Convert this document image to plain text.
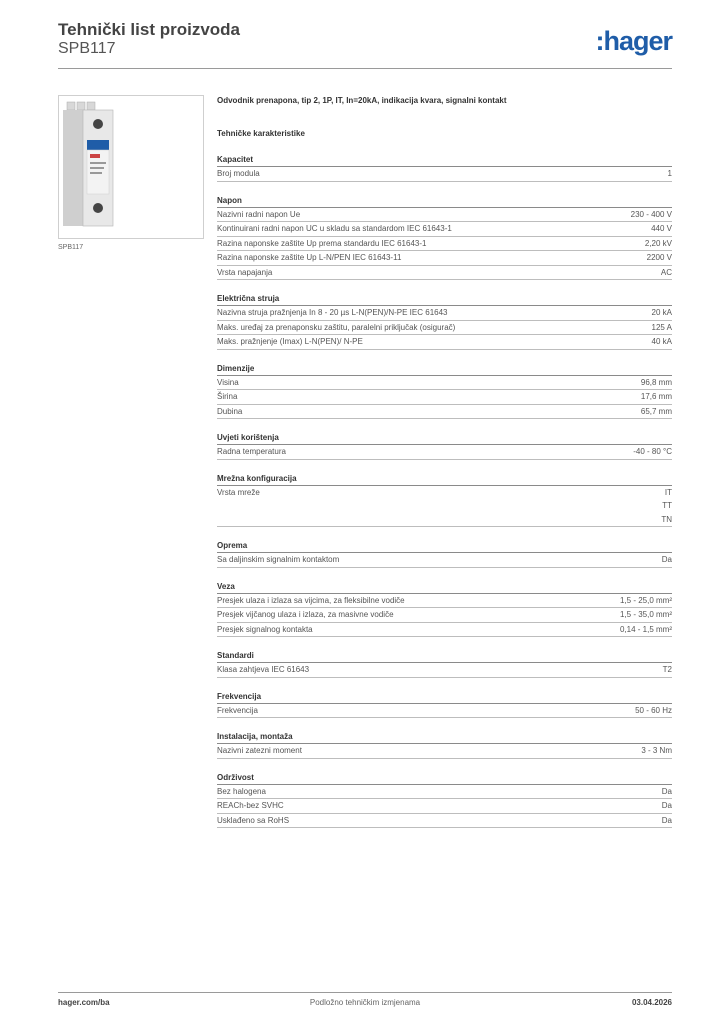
Tehnički list proizvoda
SPB117	:hager
SPB117
Odvodnik prenapona, tip 2, 1P, IT, In=20kA, indikacija kvara, signalni kontakt
Tehničke karakteristike
Kapacitet
Broj modula	1
Napon
Nazivni radni napon Ue	230 - 400 V
Kontinuirani radni napon UC u skladu sa standardom IEC 61643-1	440 V
Razina naponske zaštite Up prema standardu IEC 61643-1	2,20 kV
Razina naponske zaštite Up L-N/PEN IEC 61643-11	2200 V
Vrsta napajanja	AC
Električna struja
Nazivna struja pražnjenja In 8 - 20 µs L-N(PEN)/N-PE IEC 61643	20 kA
Maks. uređaj za prenaponsku zaštitu, paralelni priključak (osigurač)	125 A
Maks. pražnjenje (Imax) L-N(PEN)/ N-PE	40 kA
Dimenzije
Visina	96,8 mm
Širina	17,6 mm
Dubina	65,7 mm
Uvjeti korištenja
Radna temperatura	-40 - 80 °C
Mrežna konfiguracija
Vrsta mreže	IT
TT
TN
Oprema
Sa daljinskim signalnim kontaktom	Da
Veza
Presjek ulaza i izlaza sa vijcima, za fleksibilne vodiče	1,5 - 25,0 mm²
Presjek vijčanog ulaza i izlaza, za masivne vodiče	1,5 - 35,0 mm²
Presjek signalnog kontakta	0,14 - 1,5 mm²
Standardi
Klasa zahtjeva IEC 61643	T2
Frekvencija
Frekvencija	50 - 60 Hz
Instalacija, montaža
Nazivni zatezni moment	3 - 3 Nm
Održivost
Bez halogena	Da
REACh-bez SVHC	Da
Usklađeno sa RoHS	Da
hager.com/ba	Podložno tehničkim izmjenama	03.04.2026
